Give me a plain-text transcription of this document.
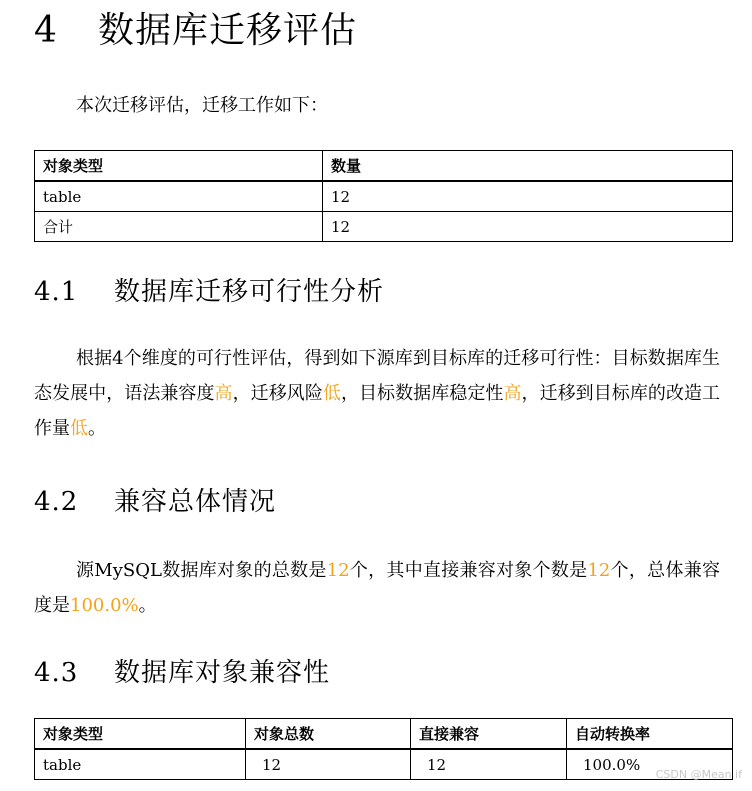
4 数据库迁移评估
本次迁移评估，迁移工作如下：
对象类型	数量
table	12
合计	12
4.1 数据库迁移可行性分析
根据4个维度的可行性评估，得到如下源库到目标库的迁移可行性：目标数据库生态发展中，语法兼容度高，迁移风险低，目标数据库稳定性高，迁移到目标库的改造工作量低。
4.2 兼容总体情况
源MySQL数据库对象的总数是12个，其中直接兼容对象个数是12个，总体兼容度是100.0%。
4.3 数据库对象兼容性
对象类型	对象总数	直接兼容	自动转换率
table	12	12	100.0%
CSDN @Mean if
